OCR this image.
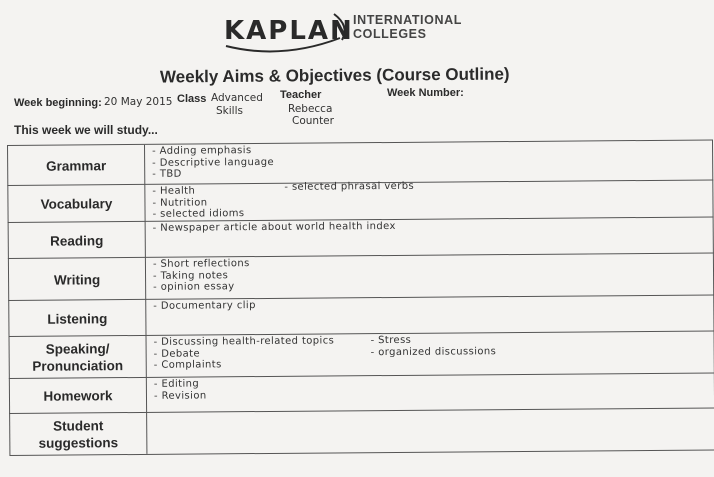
KAPLAN INTERNATIONAL
COLLEGES
Weekly Aims & Objectives (Course Outline)
Week beginning: 20 May 2015 Class Advanced
Skills
Teacher
Rebecca
Counter
Week Number:
This week we will study...
Grammar
- Adding emphasis
- Descriptive language
- TBD
Vocabulary
- Health
- Nutrition
- selected idioms
- selected phrasal verbs
Reading
- Newspaper article about world health index
Writing
- Short reflections
- Taking notes
- opinion essay
Listening
- Documentary clip
Speaking/
Pronunciation
- Discussing health-related topics
- Debate
- Complaints
- Stress
- organized discussions
Homework
- Editing
- Revision
Student
suggestions
